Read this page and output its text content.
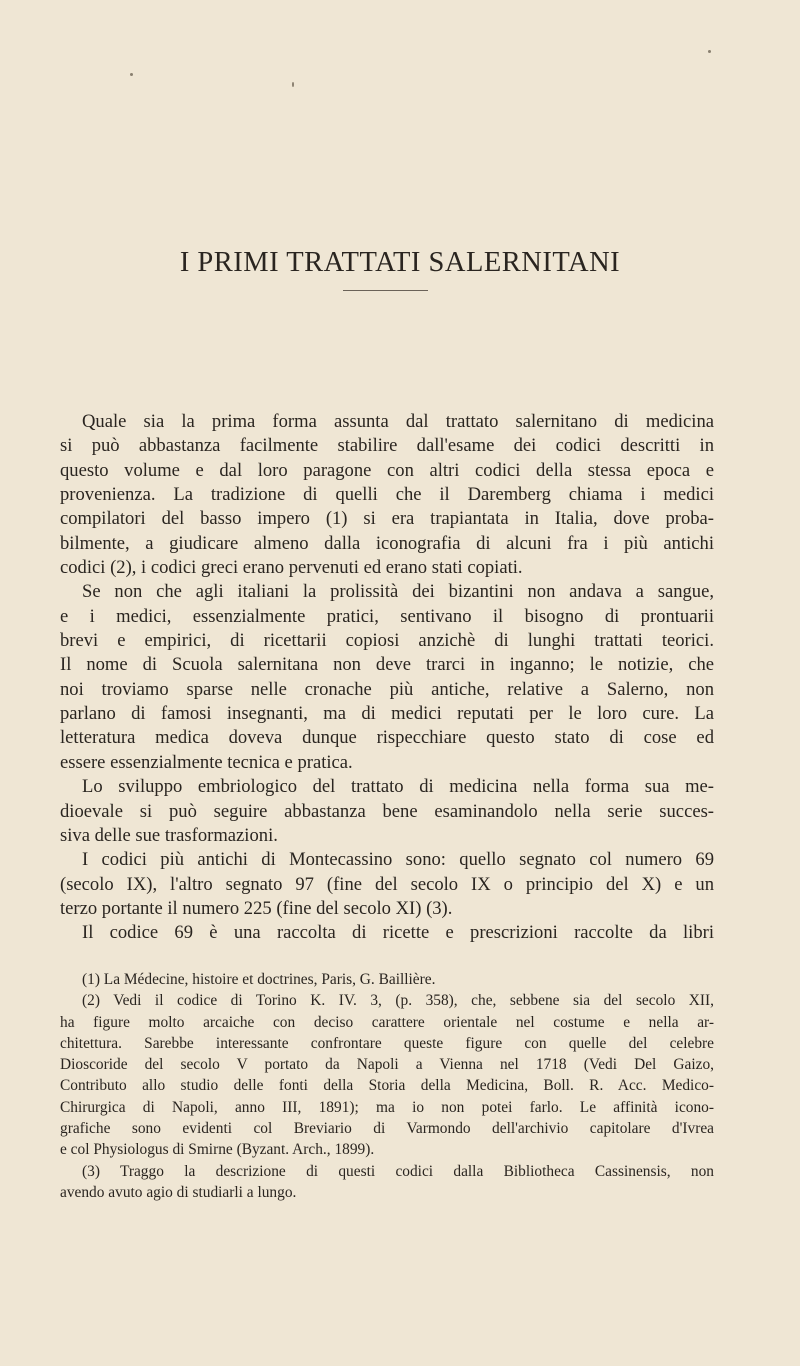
I PRIMI TRATTATI SALERNITANI
Quale sia la prima forma assunta dal trattato salernitano di medicina
si può abbastanza facilmente stabilire dall'esame dei codici descritti in
questo volume e dal loro paragone con altri codici della stessa epoca e
provenienza. La tradizione di quelli che il Daremberg chiama i medici
compilatori del basso impero (1) si era trapiantata in Italia, dove proba-
bilmente, a giudicare almeno dalla iconografia di alcuni fra i più antichi
codici (2), i codici greci erano pervenuti ed erano stati copiati.
Se non che agli italiani la prolissità dei bizantini non andava a sangue,
e i medici, essenzialmente pratici, sentivano il bisogno di prontuarii
brevi e empirici, di ricettarii copiosi anzichè di lunghi trattati teorici.
Il nome di Scuola salernitana non deve trarci in inganno; le notizie, che
noi troviamo sparse nelle cronache più antiche, relative a Salerno, non
parlano di famosi insegnanti, ma di medici reputati per le loro cure. La
letteratura medica doveva dunque rispecchiare questo stato di cose ed
essere essenzialmente tecnica e pratica.
Lo sviluppo embriologico del trattato di medicina nella forma sua me-
dioevale si può seguire abbastanza bene esaminandolo nella serie succes-
siva delle sue trasformazioni.
I codici più antichi di Montecassino sono: quello segnato col numero 69
(secolo IX), l'altro segnato 97 (fine del secolo IX o principio del X) e un
terzo portante il numero 225 (fine del secolo XI) (3).
Il codice 69 è una raccolta di ricette e prescrizioni raccolte da libri
(1) La Médecine, histoire et doctrines, Paris, G. Baillière.
(2) Vedi il codice di Torino K. IV. 3, (p. 358), che, sebbene sia del secolo XII,
ha figure molto arcaiche con deciso carattere orientale nel costume e nella ar-
chitettura. Sarebbe interessante confrontare queste figure con quelle del celebre
Dioscoride del secolo V portato da Napoli a Vienna nel 1718 (Vedi Del Gaizo,
Contributo allo studio delle fonti della Storia della Medicina, Boll. R. Acc. Medico-
Chirurgica di Napoli, anno III, 1891); ma io non potei farlo. Le affinità icono-
grafiche sono evidenti col Breviario di Varmondo dell'archivio capitolare d'Ivrea
e col Physiologus di Smirne (Byzant. Arch., 1899).
(3) Traggo la descrizione di questi codici dalla Bibliotheca Cassinensis, non
avendo avuto agio di studiarli a lungo.
